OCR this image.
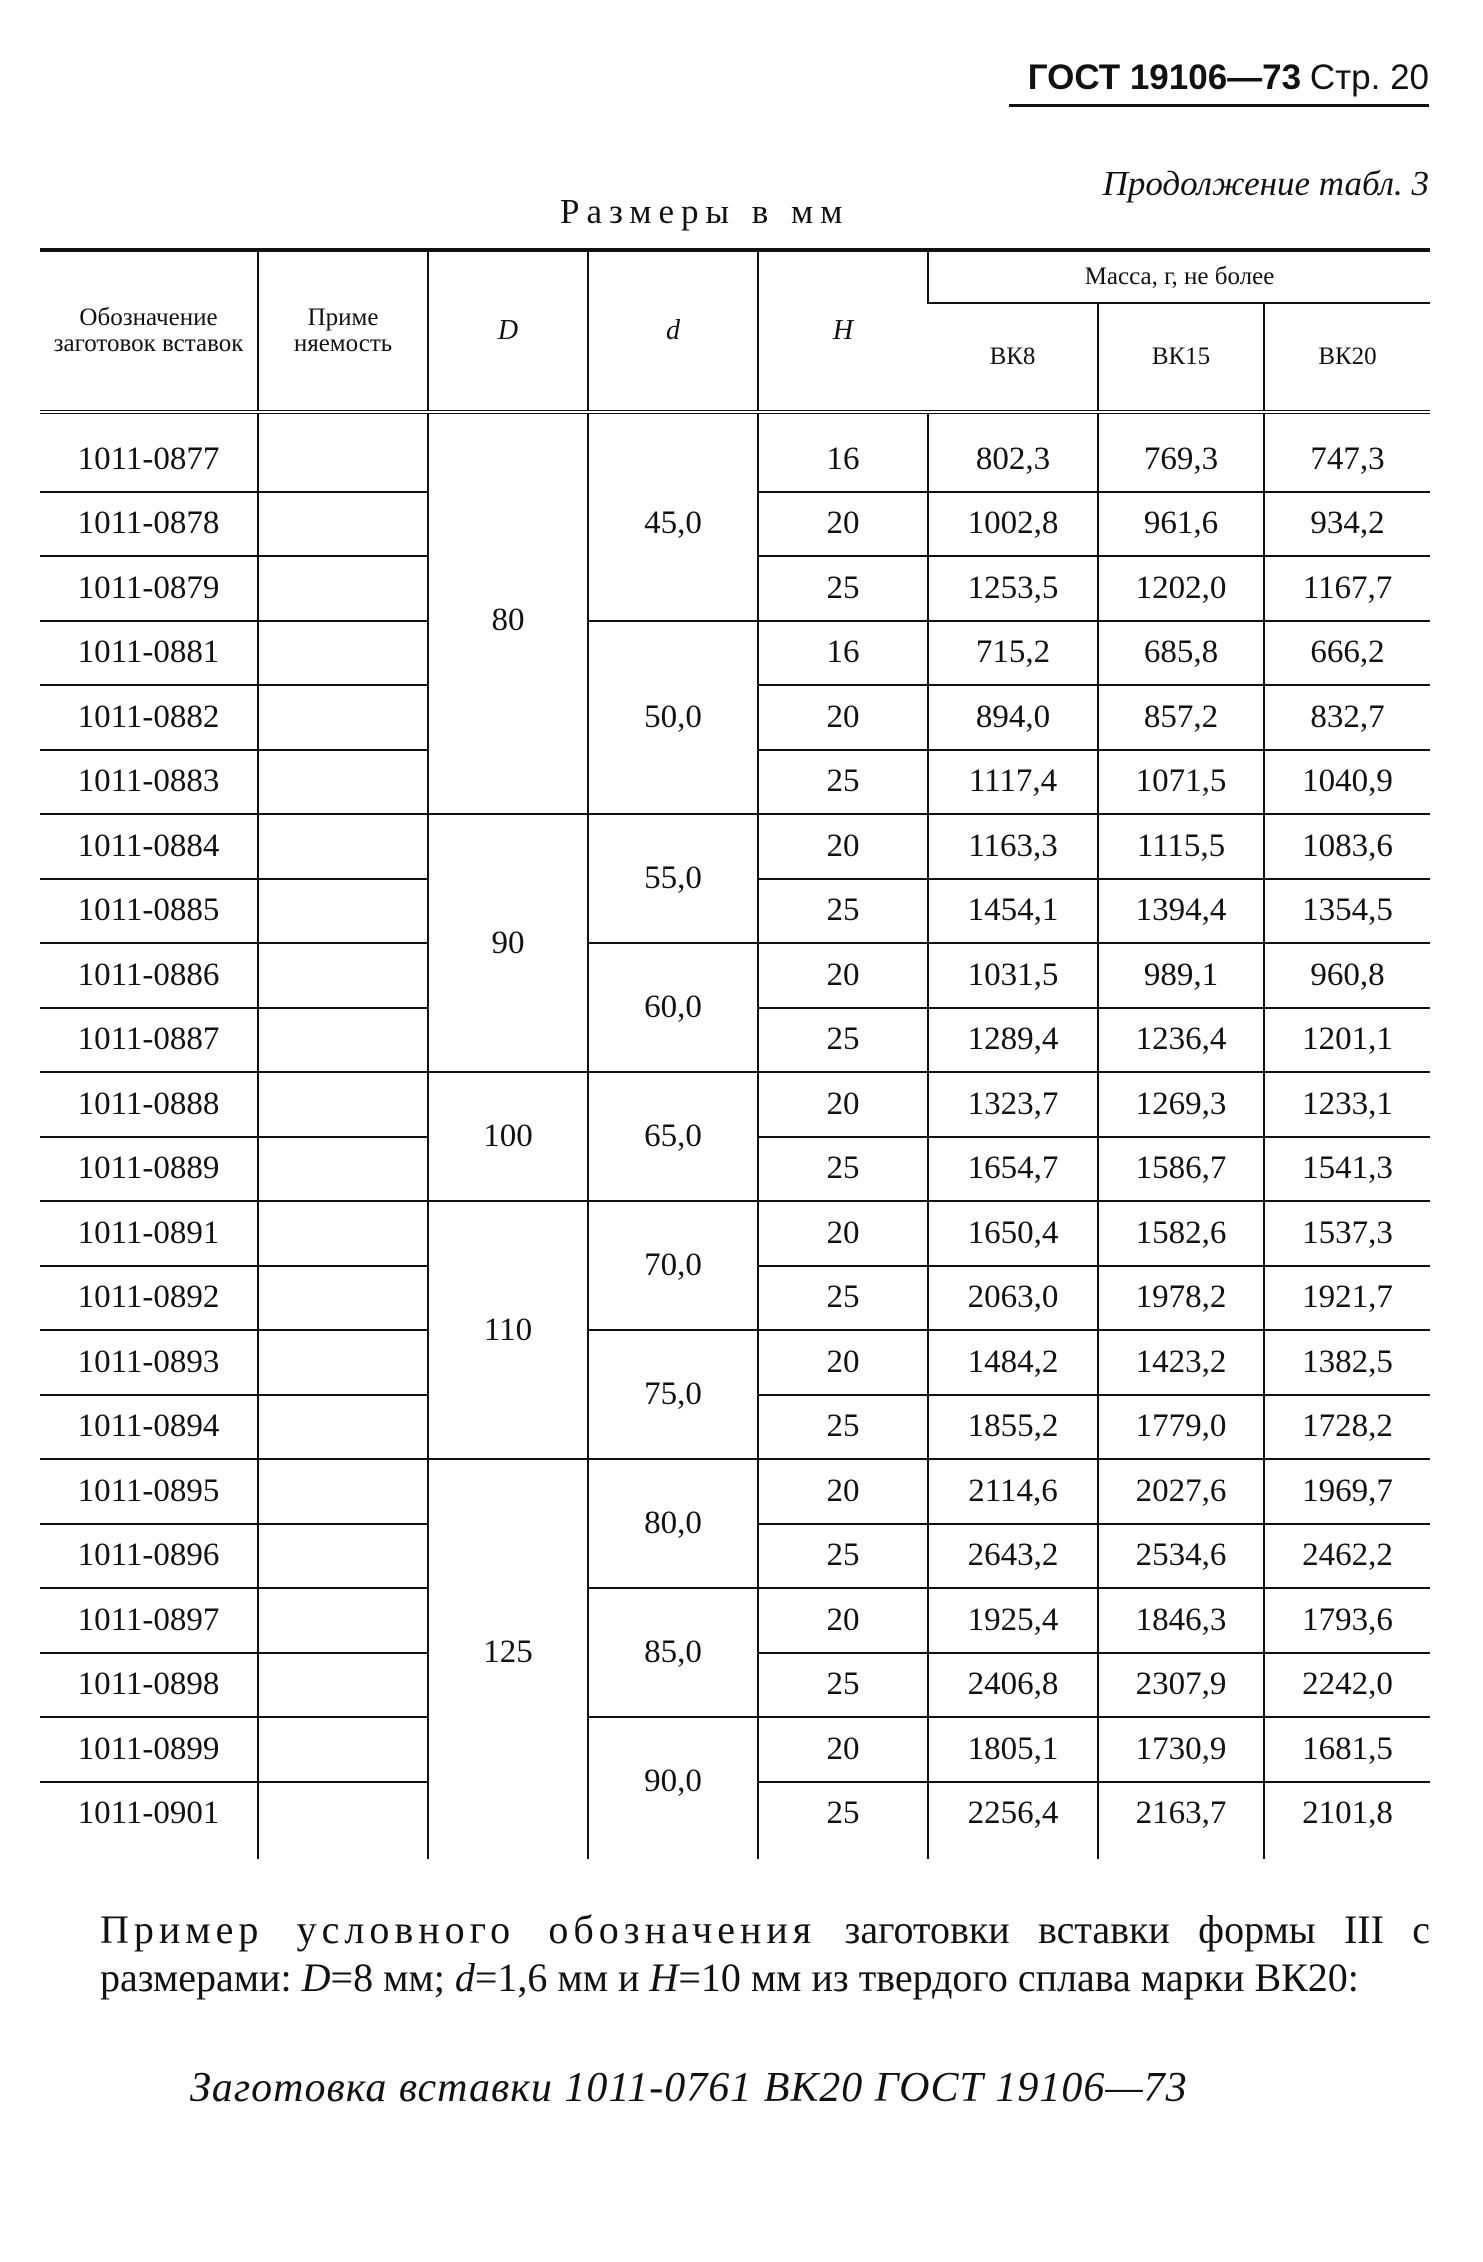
ГОСТ 19106—73 Стр. 20
Продолжение табл. 3
Размеры в мм
Обозначение заготовок вставок	Приме няемость	D	d	H	Масса, г, не более		
					ВК8	ВК15	ВК20

1011-0877		80	45,0	16	802,3	769,3	747,3
1011-0878				20	1002,8	961,6	934,2
1011-0879				25	1253,5	1202,0	1167,7
1011-0881			50,0	16	715,2	685,8	666,2
1011-0882				20	894,0	857,2	832,7
1011-0883				25	1117,4	1071,5	1040,9
1011-0884		90	55,0	20	1163,3	1115,5	1083,6
1011-0885				25	1454,1	1394,4	1354,5
1011-0886			60,0	20	1031,5	989,1	960,8
1011-0887				25	1289,4	1236,4	1201,1
1011-0888		100	65,0	20	1323,7	1269,3	1233,1
1011-0889				25	1654,7	1586,7	1541,3
1011-0891		110	70,0	20	1650,4	1582,6	1537,3
1011-0892				25	2063,0	1978,2	1921,7
1011-0893			75,0	20	1484,2	1423,2	1382,5
1011-0894				25	1855,2	1779,0	1728,2
1011-0895		125	80,0	20	2114,6	2027,6	1969,7
1011-0896				25	2643,2	2534,6	2462,2
1011-0897			85,0	20	1925,4	1846,3	1793,6
1011-0898				25	2406,8	2307,9	2242,0
1011-0899			90,0	20	1805,1	1730,9	1681,5
1011-0901				25	2256,4	2163,7	2101,8

Пример условного обозначения заготовки вставки формы III с размерами: D=8 мм; d=1,6 мм и H=10 мм из твердого сплава марки ВК20:
Заготовка вставки 1011-0761 ВК20 ГОСТ 19106—73
